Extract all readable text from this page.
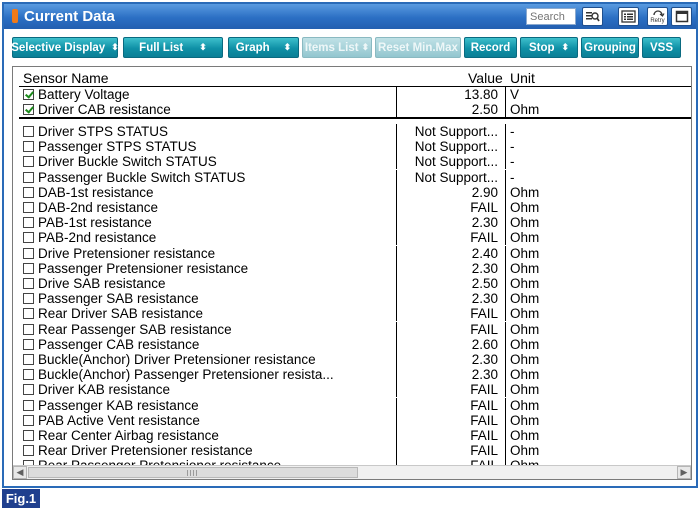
Current Data
Search	Retry
Selective Display ⬍ Full List ⬍	Graph ⬍ Items List ⬍ Reset Min.Max Record Stop ⬍ Grouping VSS
Sensor Name	Value Unit
Battery Voltage	13.80 V
Driver CAB resistance	2.50 Ohm
Driver STPS STATUS	Not Support... -
Passenger STPS STATUS	Not Support... -
Driver Buckle Switch STATUS	Not Support... -
Passenger Buckle Switch STATUS	Not Support... -
DAB-1st resistance	2.90 Ohm
DAB-2nd resistance	FAIL Ohm
PAB-1st resistance	2.30 Ohm
PAB-2nd resistance	FAIL Ohm
Drive Pretensioner resistance	2.40 Ohm
Passenger Pretensioner resistance	2.30 Ohm
Drive SAB resistance	2.50 Ohm
Passenger SAB resistance	2.30 Ohm
Rear Driver SAB resistance	FAIL Ohm
Rear Passenger SAB resistance	FAIL Ohm
Passenger CAB resistance	2.60 Ohm
Buckle(Anchor) Driver Pretensioner resistance	2.30 Ohm
Buckle(Anchor) Passenger Pretensioner resista...	2.30 Ohm
Driver KAB resistance	FAIL Ohm
Passenger KAB resistance	FAIL Ohm
PAB Active Vent resistance	FAIL Ohm
Rear Center Airbag resistance	FAIL Ohm
Rear Driver Pretensioner resistance	FAIL Ohm
◀	▶
Fig.1
